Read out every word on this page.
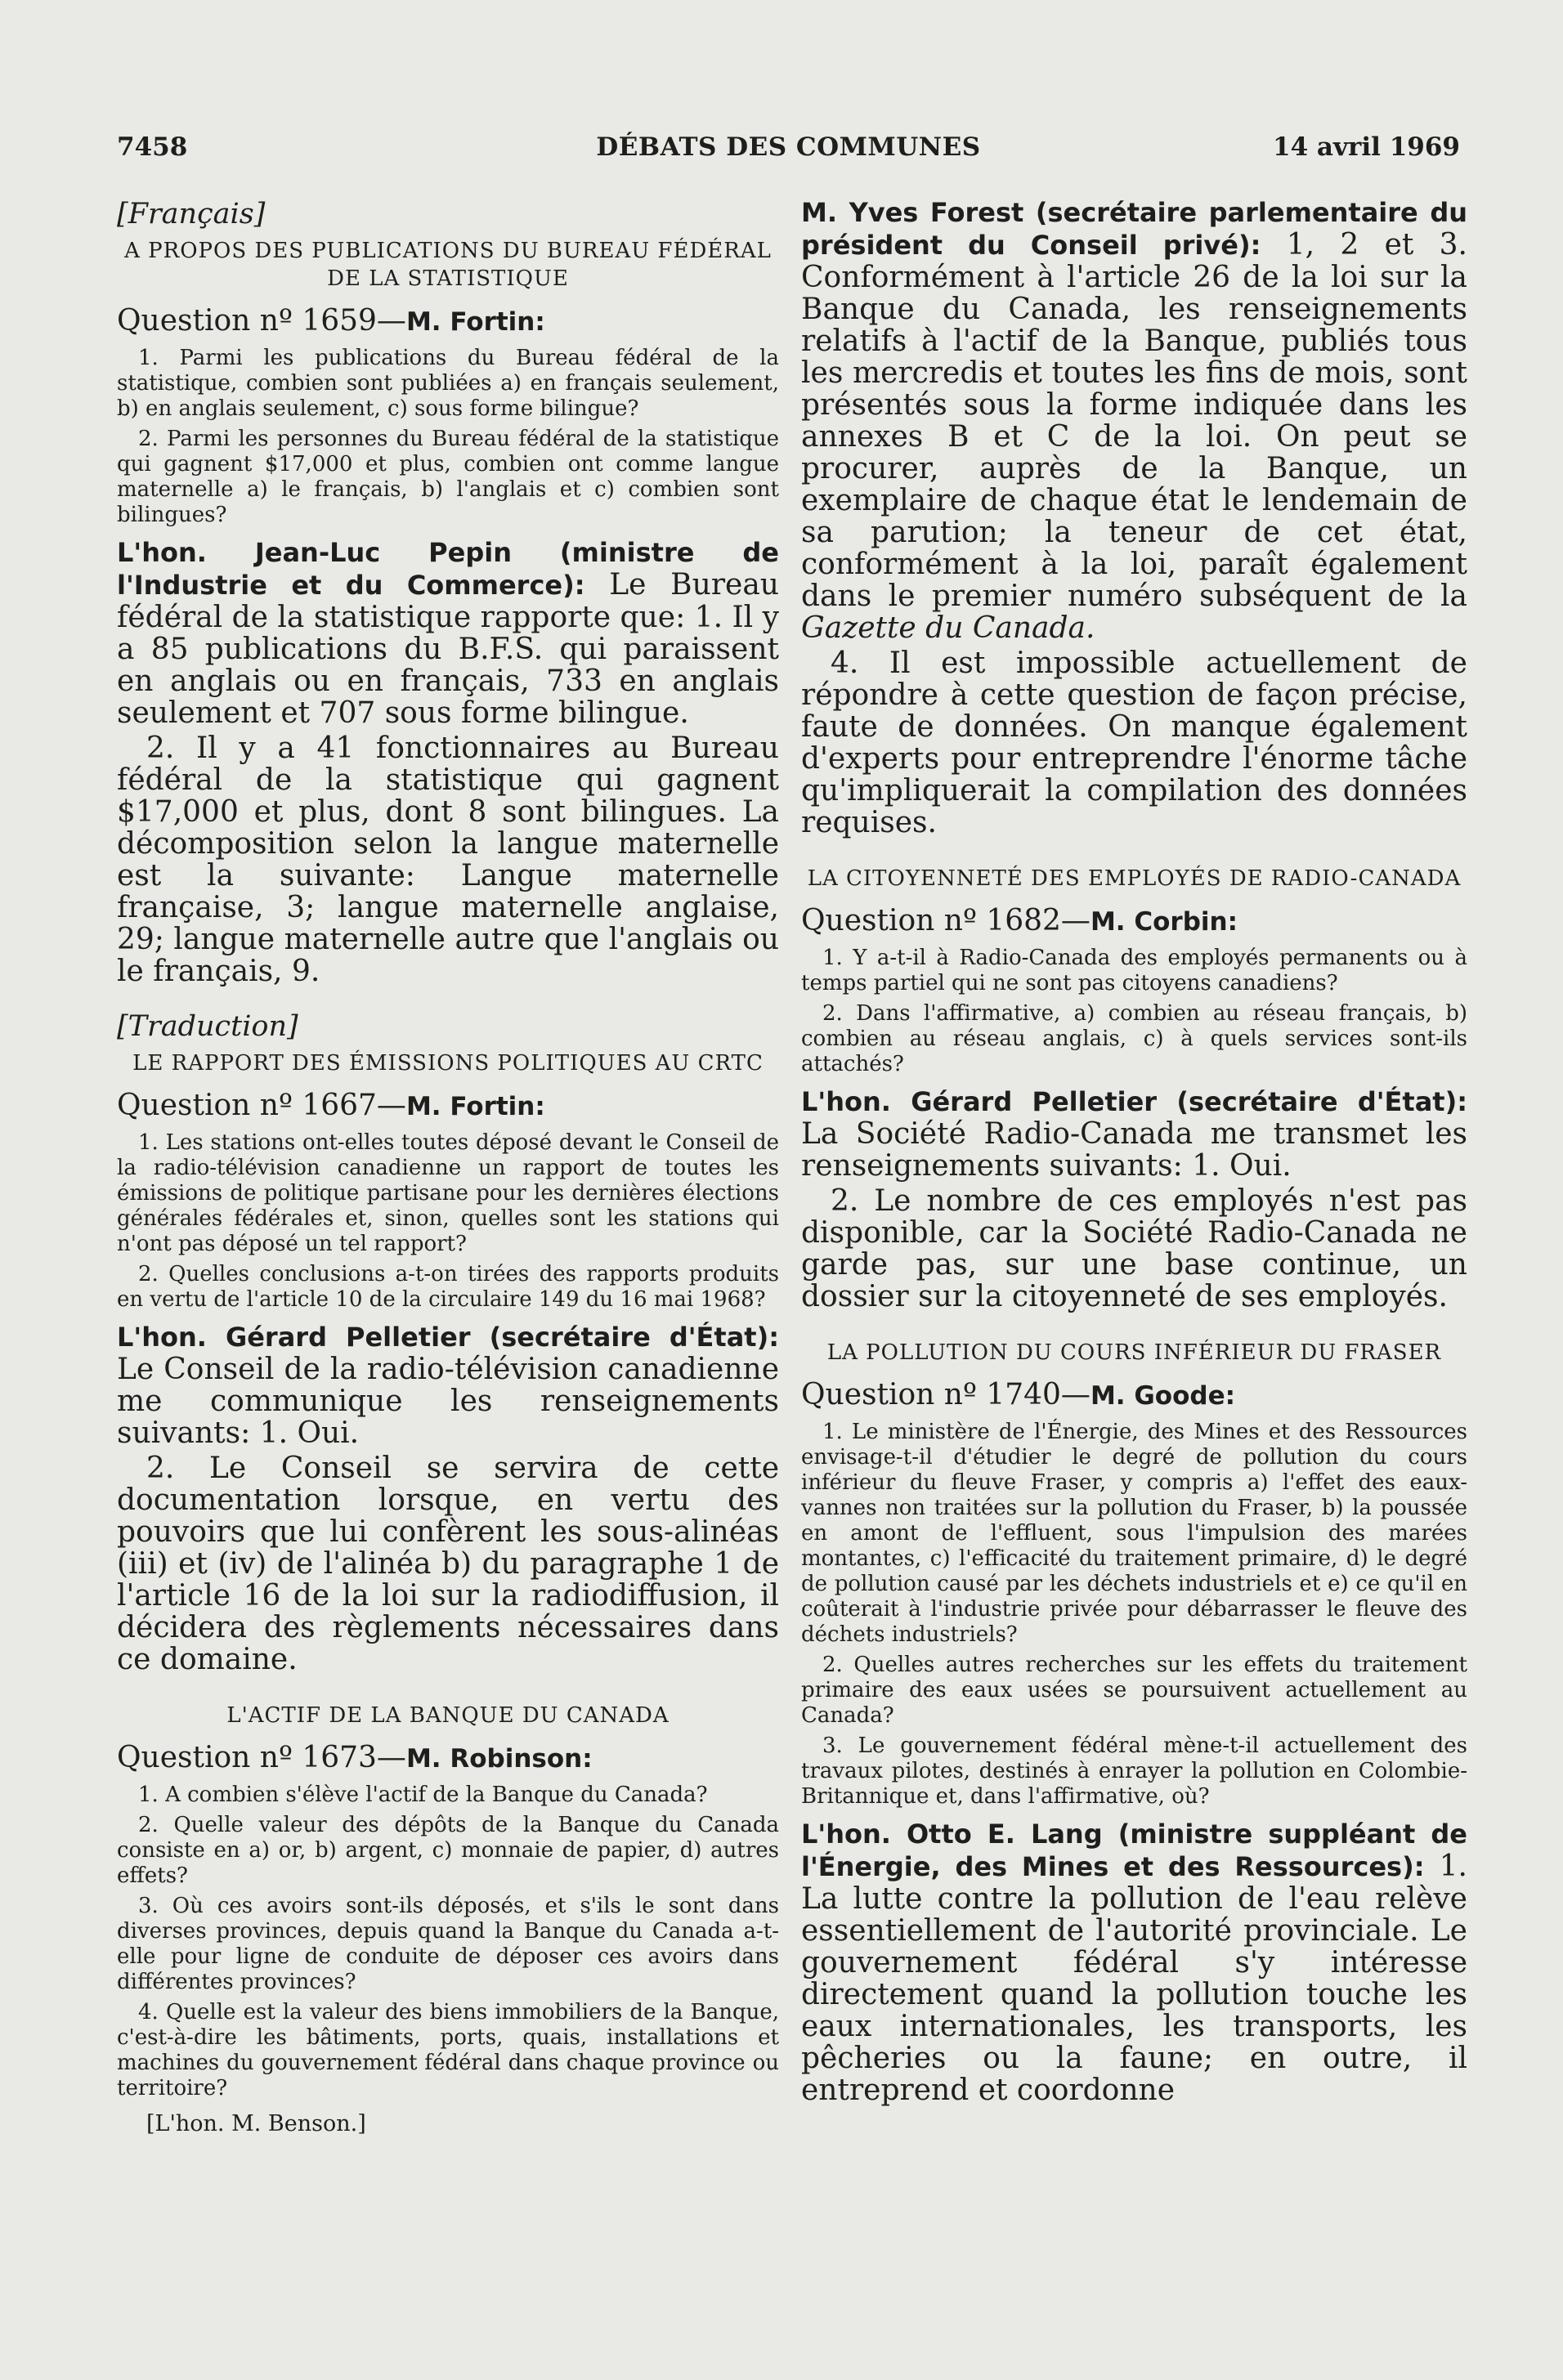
7458	DÉBATS DES COMMUNES	14 avril 1969
[Français]
A PROPOS DES PUBLICATIONS DU BUREAU FÉDÉRAL DE LA STATISTIQUE
Question nº 1659—M. Fortin:
1. Parmi les publications du Bureau fédéral de la statistique, combien sont publiées a) en français seulement, b) en anglais seulement, c) sous forme bilingue?
2. Parmi les personnes du Bureau fédéral de la statistique qui gagnent $17,000 et plus, combien ont comme langue maternelle a) le français, b) l'anglais et c) combien sont bilingues?
L'hon. Jean-Luc Pepin (ministre de l'Industrie et du Commerce): Le Bureau fédéral de la statistique rapporte que: 1. Il y a 85 publications du B.F.S. qui paraissent en anglais ou en français, 733 en anglais seulement et 707 sous forme bilingue.
2. Il y a 41 fonctionnaires au Bureau fédéral de la statistique qui gagnent $17,000 et plus, dont 8 sont bilingues. La décomposition selon la langue maternelle est la suivante: Langue maternelle française, 3; langue maternelle anglaise, 29; langue maternelle autre que l'anglais ou le français, 9.
[Traduction]
LE RAPPORT DES ÉMISSIONS POLITIQUES AU CRTC
Question nº 1667—M. Fortin:
1. Les stations ont-elles toutes déposé devant le Conseil de la radio-télévision canadienne un rapport de toutes les émissions de politique partisane pour les dernières élections générales fédérales et, sinon, quelles sont les stations qui n'ont pas déposé un tel rapport?
2. Quelles conclusions a-t-on tirées des rapports produits en vertu de l'article 10 de la circulaire 149 du 16 mai 1968?
L'hon. Gérard Pelletier (secrétaire d'État): Le Conseil de la radio-télévision canadienne me communique les renseignements suivants: 1. Oui.
2. Le Conseil se servira de cette documentation lorsque, en vertu des pouvoirs que lui confèrent les sous-alinéas (iii) et (iv) de l'alinéa b) du paragraphe 1 de l'article 16 de la loi sur la radiodiffusion, il décidera des règlements nécessaires dans ce domaine.
L'ACTIF DE LA BANQUE DU CANADA
Question nº 1673—M. Robinson:
1. A combien s'élève l'actif de la Banque du Canada?
2. Quelle valeur des dépôts de la Banque du Canada consiste en a) or, b) argent, c) monnaie de papier, d) autres effets?
3. Où ces avoirs sont-ils déposés, et s'ils le sont dans diverses provinces, depuis quand la Banque du Canada a-t-elle pour ligne de conduite de déposer ces avoirs dans différentes provinces?
4. Quelle est la valeur des biens immobiliers de la Banque, c'est-à-dire les bâtiments, ports, quais, installations et machines du gouvernement fédéral dans chaque province ou territoire?
[L'hon. M. Benson.]
M. Yves Forest (secrétaire parlementaire du président du Conseil privé): 1, 2 et 3. Conformément à l'article 26 de la loi sur la Banque du Canada, les renseignements relatifs à l'actif de la Banque, publiés tous les mercredis et toutes les fins de mois, sont présentés sous la forme indiquée dans les annexes B et C de la loi. On peut se procurer, auprès de la Banque, un exemplaire de chaque état le lendemain de sa parution; la teneur de cet état, conformément à la loi, paraît également dans le premier numéro subséquent de la Gazette du Canada.
4. Il est impossible actuellement de répondre à cette question de façon précise, faute de données. On manque également d'experts pour entreprendre l'énorme tâche qu'impliquerait la compilation des données requises.
LA CITOYENNETÉ DES EMPLOYÉS DE RADIO-CANADA
Question nº 1682—M. Corbin:
1. Y a-t-il à Radio-Canada des employés permanents ou à temps partiel qui ne sont pas citoyens canadiens?
2. Dans l'affirmative, a) combien au réseau français, b) combien au réseau anglais, c) à quels services sont-ils attachés?
L'hon. Gérard Pelletier (secrétaire d'État): La Société Radio-Canada me transmet les renseignements suivants: 1. Oui.
2. Le nombre de ces employés n'est pas disponible, car la Société Radio-Canada ne garde pas, sur une base continue, un dossier sur la citoyenneté de ses employés.
LA POLLUTION DU COURS INFÉRIEUR DU FRASER
Question nº 1740—M. Goode:
1. Le ministère de l'Énergie, des Mines et des Ressources envisage-t-il d'étudier le degré de pollution du cours inférieur du fleuve Fraser, y compris a) l'effet des eaux-vannes non traitées sur la pollution du Fraser, b) la poussée en amont de l'effluent, sous l'impulsion des marées montantes, c) l'efficacité du traitement primaire, d) le degré de pollution causé par les déchets industriels et e) ce qu'il en coûterait à l'industrie privée pour débarrasser le fleuve des déchets industriels?
2. Quelles autres recherches sur les effets du traitement primaire des eaux usées se poursuivent actuellement au Canada?
3. Le gouvernement fédéral mène-t-il actuellement des travaux pilotes, destinés à enrayer la pollution en Colombie-Britannique et, dans l'affirmative, où?
L'hon. Otto E. Lang (ministre suppléant de l'Énergie, des Mines et des Ressources): 1. La lutte contre la pollution de l'eau relève essentiellement de l'autorité provinciale. Le gouvernement fédéral s'y intéresse directement quand la pollution touche les eaux internationales, les transports, les pêcheries ou la faune; en outre, il entreprend et coordonne
